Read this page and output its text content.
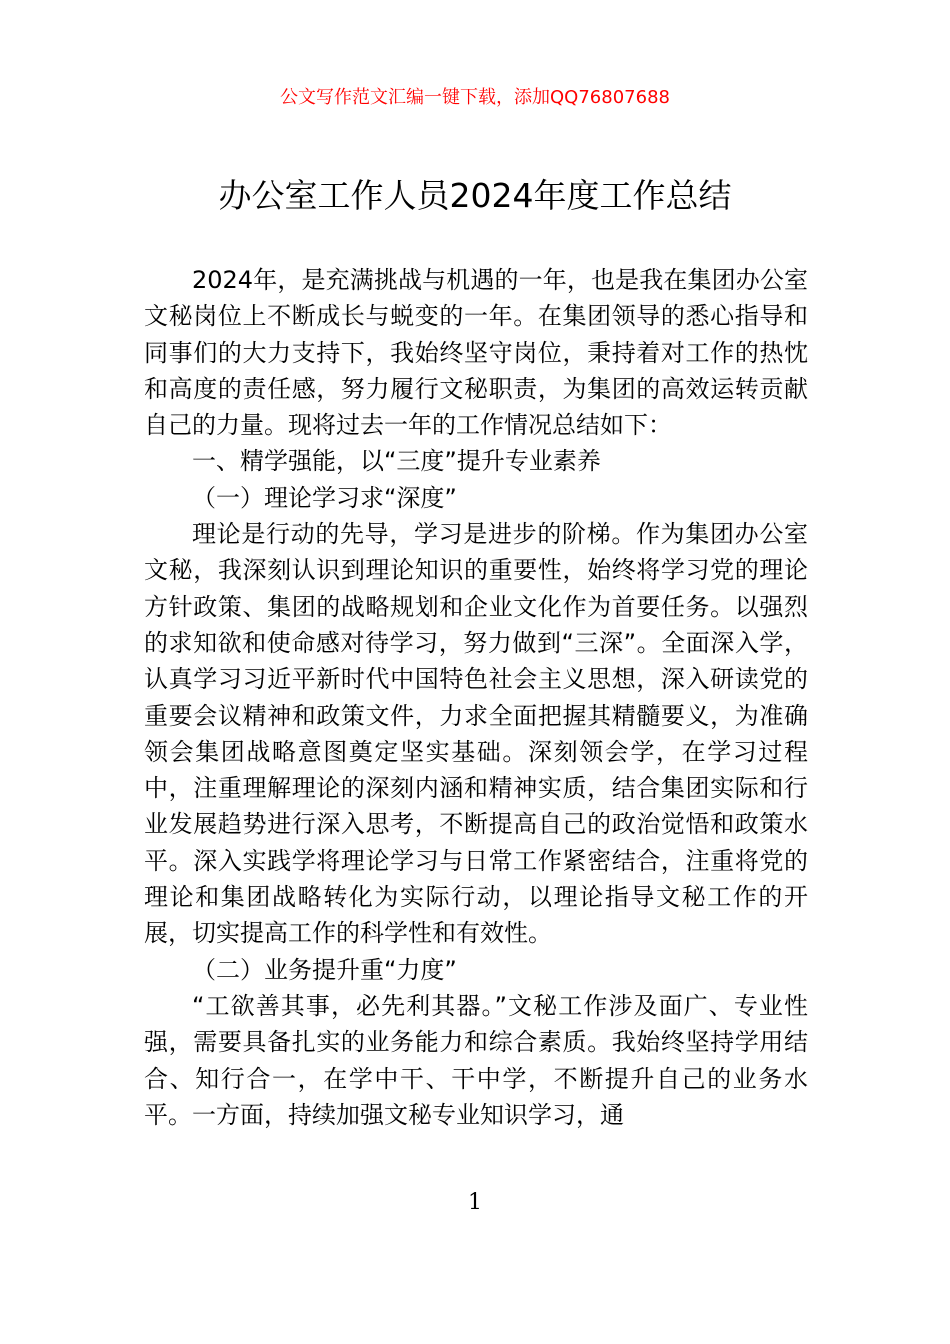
公文写作范文汇编一键下载，添加QQ76807688
办公室工作人员2024年度工作总结

2024年，是充满挑战与机遇的一年，也是我在集团办公室文秘岗位上不断成长与蜕变的一年。在集团领导的悉心指导和同事们的大力支持下，我始终坚守岗位，秉持着对工作的热忱和高度的责任感，努力履行文秘职责，为集团的高效运转贡献自己的力量。现将过去一年的工作情况总结如下：

一、精学强能，以“三度”提升专业素养

（一）理论学习求“深度”

理论是行动的先导，学习是进步的阶梯。作为集团办公室文秘，我深刻认识到理论知识的重要性，始终将学习党的理论方针政策、集团的战略规划和企业文化作为首要任务。以强烈的求知欲和使命感对待学习，努力做到“三深”。全面深入学，认真学习习近平新时代中国特色社会主义思想，深入研读党的重要会议精神和政策文件，力求全面把握其精髓要义，为准确领会集团战略意图奠定坚实基础。深刻领会学，在学习过程中，注重理解理论的深刻内涵和精神实质，结合集团实际和行业发展趋势进行深入思考，不断提高自己的政治觉悟和政策水平。深入实践学将理论学习与日常工作紧密结合，注重将党的理论和集团战略转化为实际行动，以理论指导文秘工作的开展，切实提高工作的科学性和有效性。

（二）业务提升重“力度”

“工欲善其事，必先利其器。”文秘工作涉及面广、专业性强，需要具备扎实的业务能力和综合素质。我始终坚持学用结合、知行合一，在学中干、干中学，不断提升自己的业务水平。一方面，持续加强文秘专业知识学习，通

1
